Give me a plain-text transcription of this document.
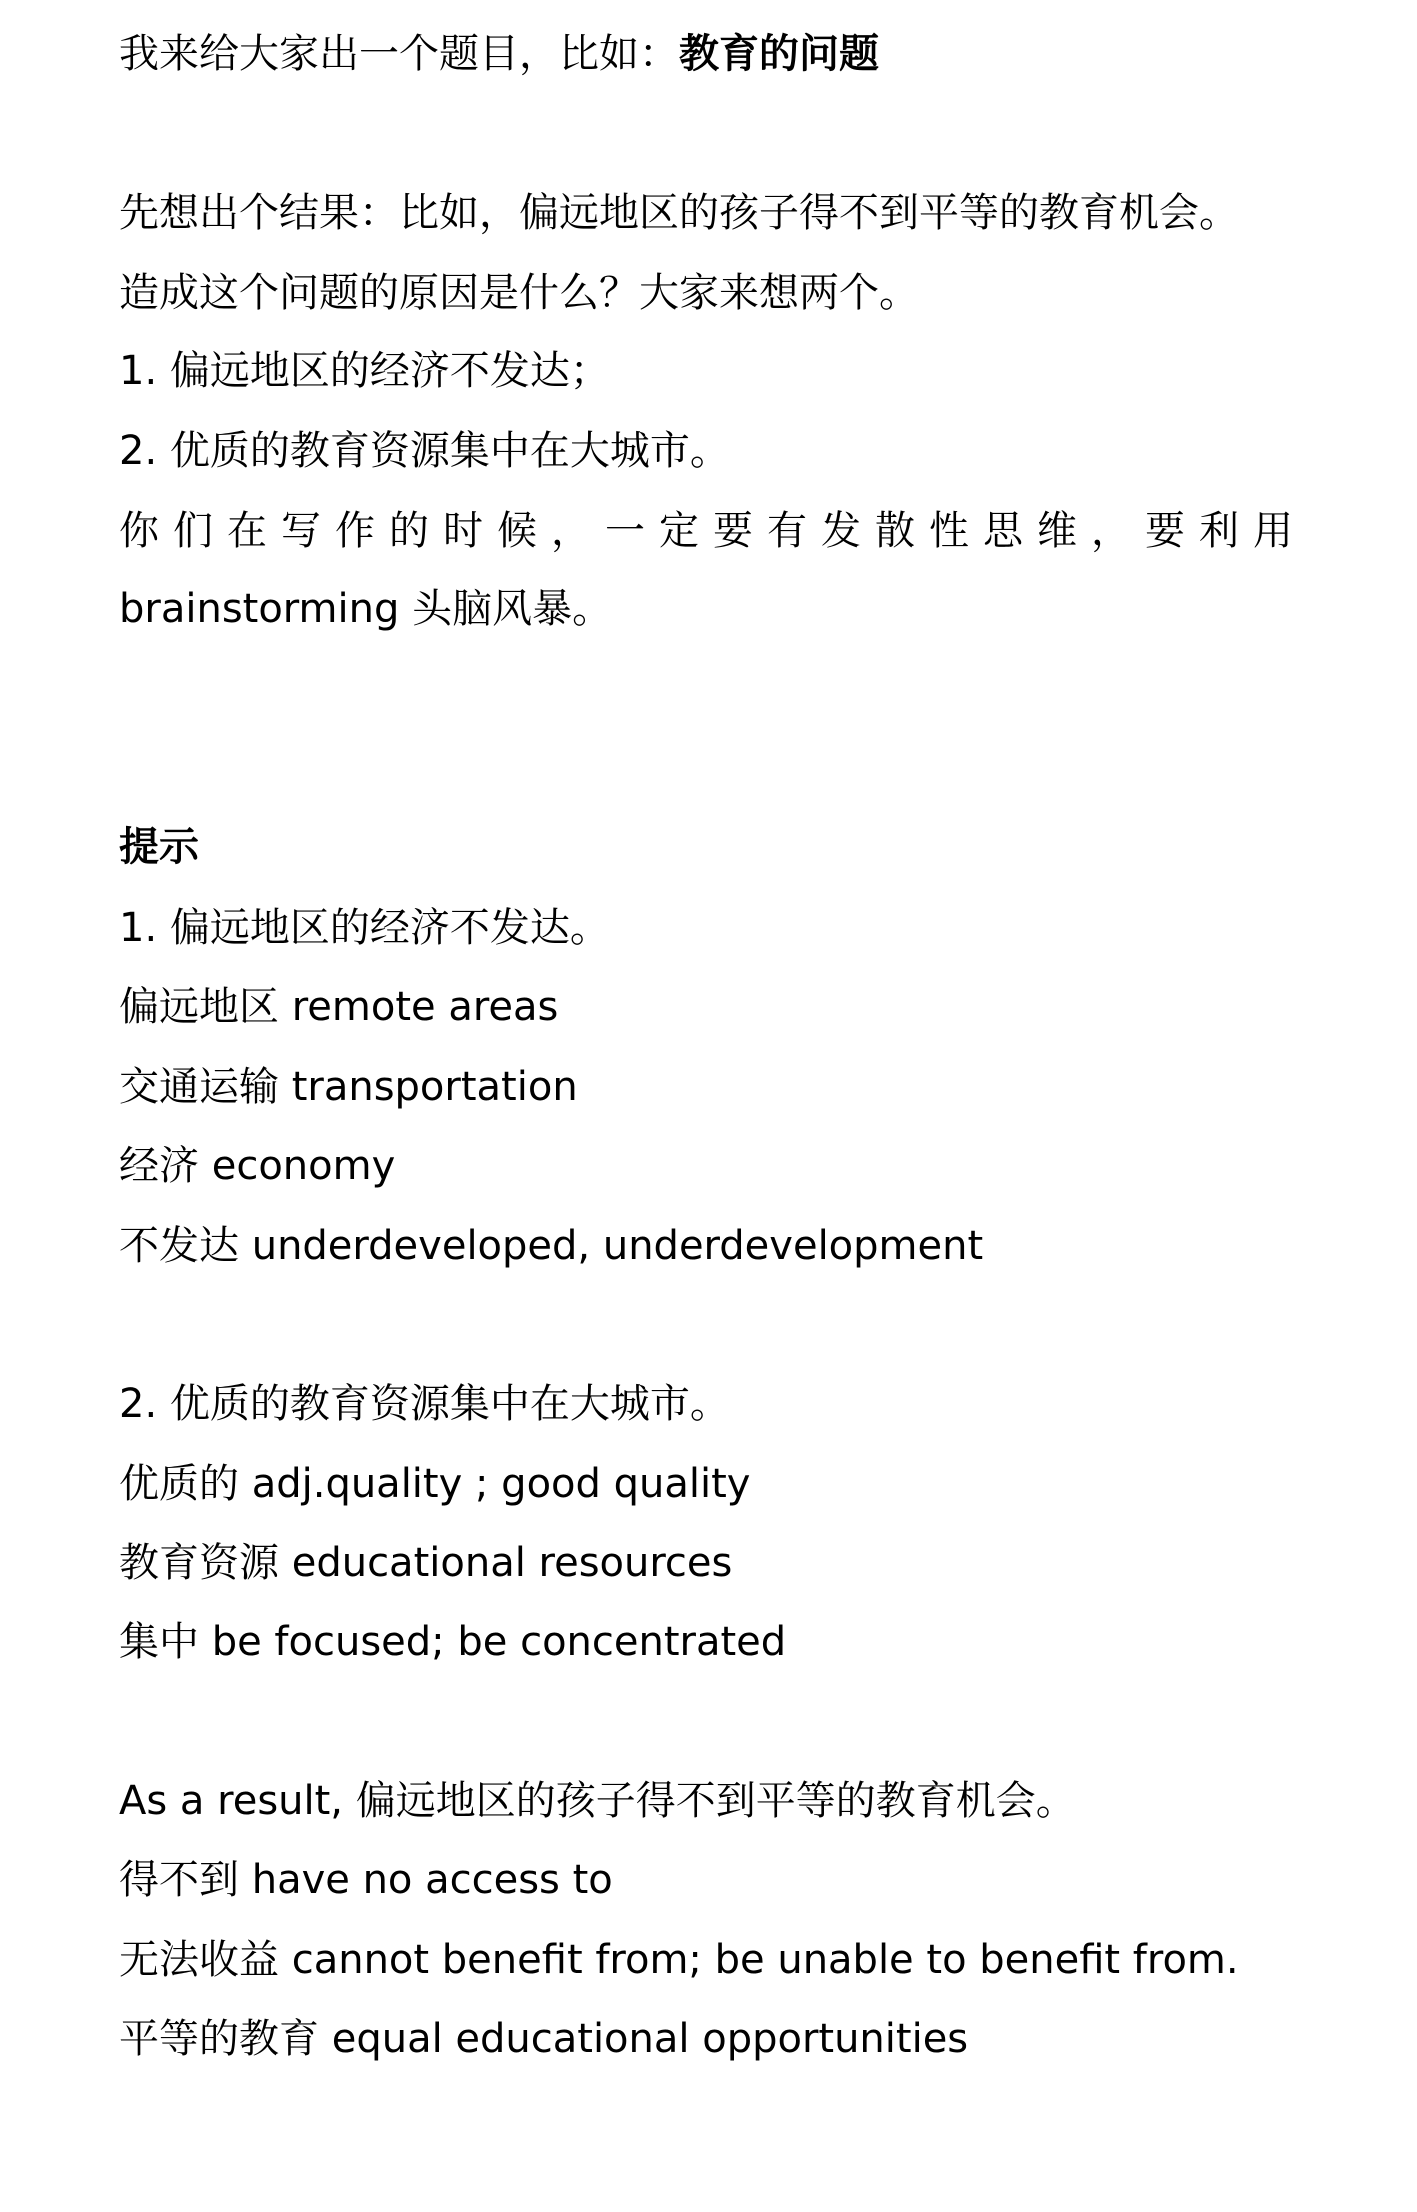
我来给大家出一个题目，比如：教育的问题
先想出个结果：比如，偏远地区的孩子得不到平等的教育机会。
造成这个问题的原因是什么？大家来想两个。
1. 偏远地区的经济不发达；
2. 优质的教育资源集中在大城市。
你们在写作的时候，一定要有发散性思维，要利用
brainstorming 头脑风暴。
提示
1. 偏远地区的经济不发达。
偏远地区 remote areas
交通运输 transportation
经济 economy
不发达 underdeveloped, underdevelopment
2. 优质的教育资源集中在大城市。
优质的 adj.quality ; good quality
教育资源 educational resources
集中 be focused; be concentrated
As a result, 偏远地区的孩子得不到平等的教育机会。
得不到 have no access to
无法收益 cannot benefit from; be unable to benefit from.
平等的教育 equal educational opportunities
